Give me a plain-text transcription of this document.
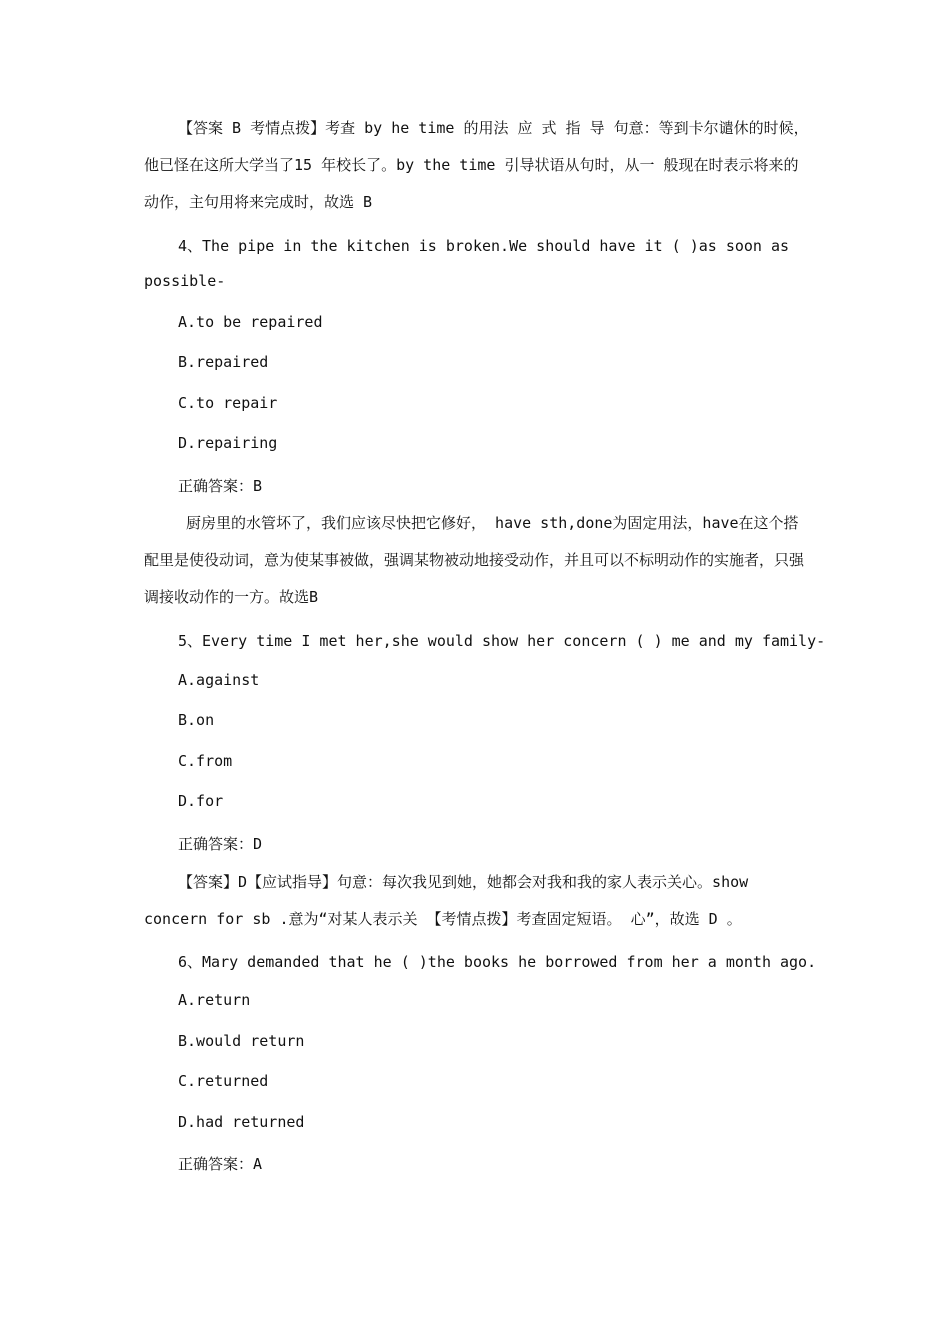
【答案 B 考情点拨】考查 by he time 的用法 应 式 指 导 句意：等到卡尔谴休的时候，他已怪在这所大学当了15 年校长了。by the time 引导状语从句时，从一 般现在时表示将来的动作，主句用将来完成时，故选 B
4、The pipe in the kitchen is broken.We should have it ( )as soon as
possible-
A.to be repaired
B.repaired
C.to repair
D.repairing
正确答案：B
厨房里的水管坏了，我们应该尽快把它修好， have sth,done为固定用法，have在这个搭配里是使役动词，意为使某事被做，强调某物被动地接受动作，并且可以不标明动作的实施者，只强调接收动作的一方。故选B
5、Every time I met her,she would show her concern ( ) me and my family-
A.against
B.on
C.from
D.for
正确答案：D
【答案】D【应试指导】句意：每次我见到她，她都会对我和我的家人表示关心。show concern for sb .意为“对某人表示关 【考情点拨】考查固定短语。 心”，故选 D 。
6、Mary demanded that he ( )the books he borrowed from her a month ago.
A.return
B.would return
C.returned
D.had returned
正确答案：A
